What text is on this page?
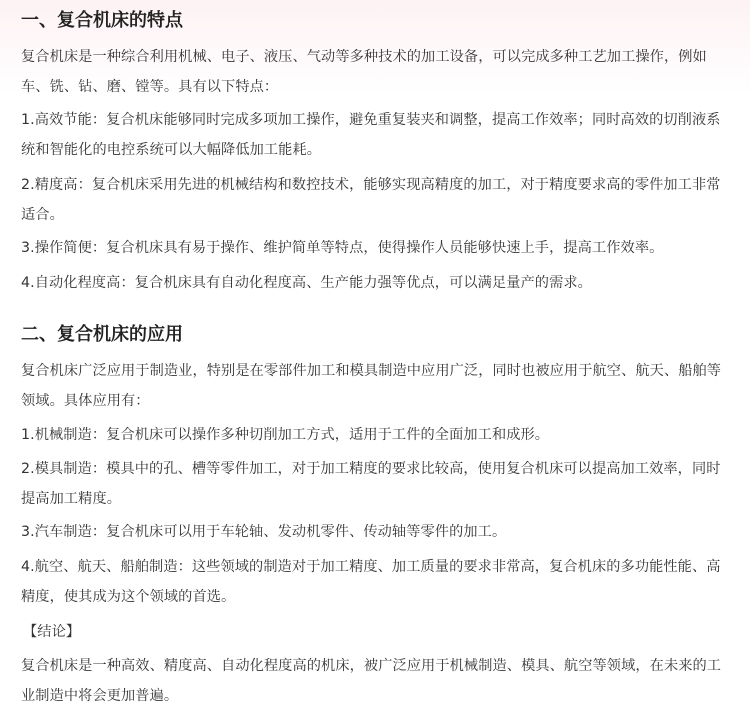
一、复合机床的特点

复合机床是一种综合利用机械、电子、液压、气动等多种技术的加工设备，可以完成多种工艺加工操作，例如车、铣、钻、磨、镗等。具有以下特点：

1.高效节能：复合机床能够同时完成多项加工操作，避免重复装夹和调整，提高工作效率；同时高效的切削液系统和智能化的电控系统可以大幅降低加工能耗。

2.精度高：复合机床采用先进的机械结构和数控技术，能够实现高精度的加工，对于精度要求高的零件加工非常适合。

3.操作简便：复合机床具有易于操作、维护简单等特点，使得操作人员能够快速上手，提高工作效率。

4.自动化程度高：复合机床具有自动化程度高、生产能力强等优点，可以满足量产的需求。

二、复合机床的应用

复合机床广泛应用于制造业，特别是在零部件加工和模具制造中应用广泛，同时也被应用于航空、航天、船舶等领域。具体应用有：

1.机械制造：复合机床可以操作多种切削加工方式，适用于工件的全面加工和成形。

2.模具制造：模具中的孔、槽等零件加工，对于加工精度的要求比较高，使用复合机床可以提高加工效率，同时提高加工精度。

3.汽车制造：复合机床可以用于车轮轴、发动机零件、传动轴等零件的加工。

4.航空、航天、船舶制造：这些领域的制造对于加工精度、加工质量的要求非常高，复合机床的多功能性能、高精度，使其成为这个领域的首选。

【结论】

复合机床是一种高效、精度高、自动化程度高的机床，被广泛应用于机械制造、模具、航空等领域，在未来的工业制造中将会更加普遍。
